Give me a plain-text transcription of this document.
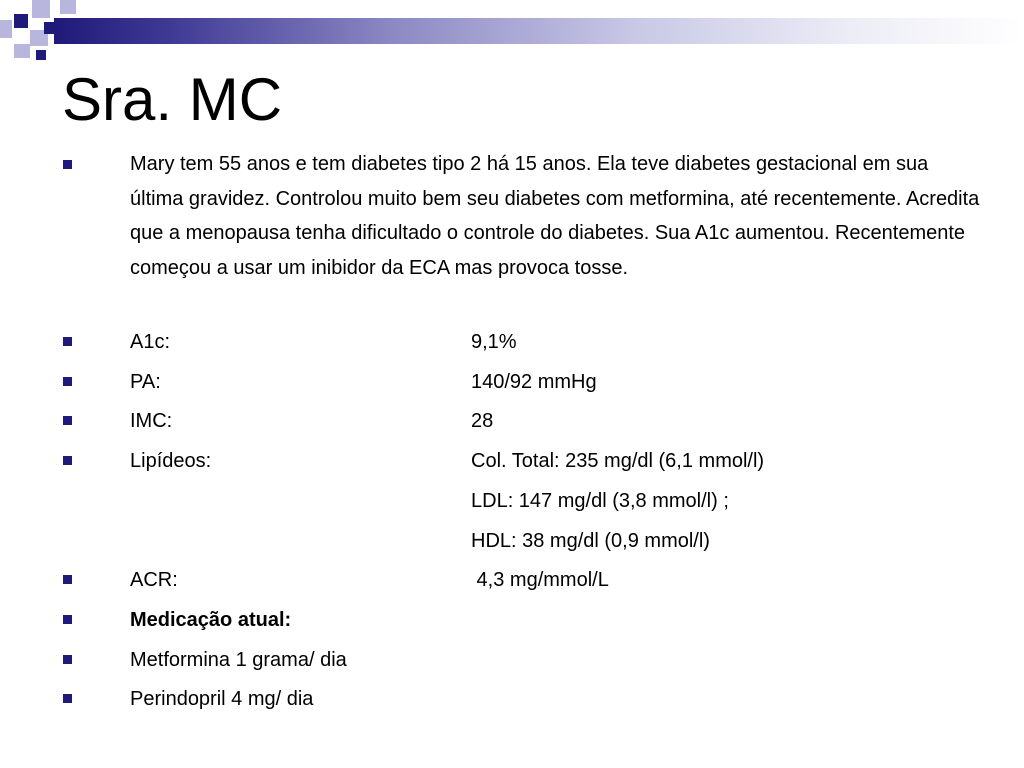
Sra. MC

Mary tem 55 anos e tem diabetes tipo 2 há 15 anos. Ela teve diabetes gestacional em sua última gravidez. Controlou muito bem seu diabetes com metformina, até recentemente. Acredita que a menopausa tenha dificultado o controle do diabetes. Sua A1c aumentou. Recentemente começou a usar um inibidor da ECA mas provoca tosse.

A1c:	9,1%
PA:	140/92 mmHg
IMC:	28
Lipídeos:	Col. Total: 235 mg/dl (6,1 mmol/l)
LDL: 147 mg/dl (3,8 mmol/l) ;
HDL: 38 mg/dl (0,9 mmol/l)
ACR:	4,3 mg/mmol/L
Medicação atual:
Metformina 1 grama/ dia
Perindopril 4 mg/ dia
